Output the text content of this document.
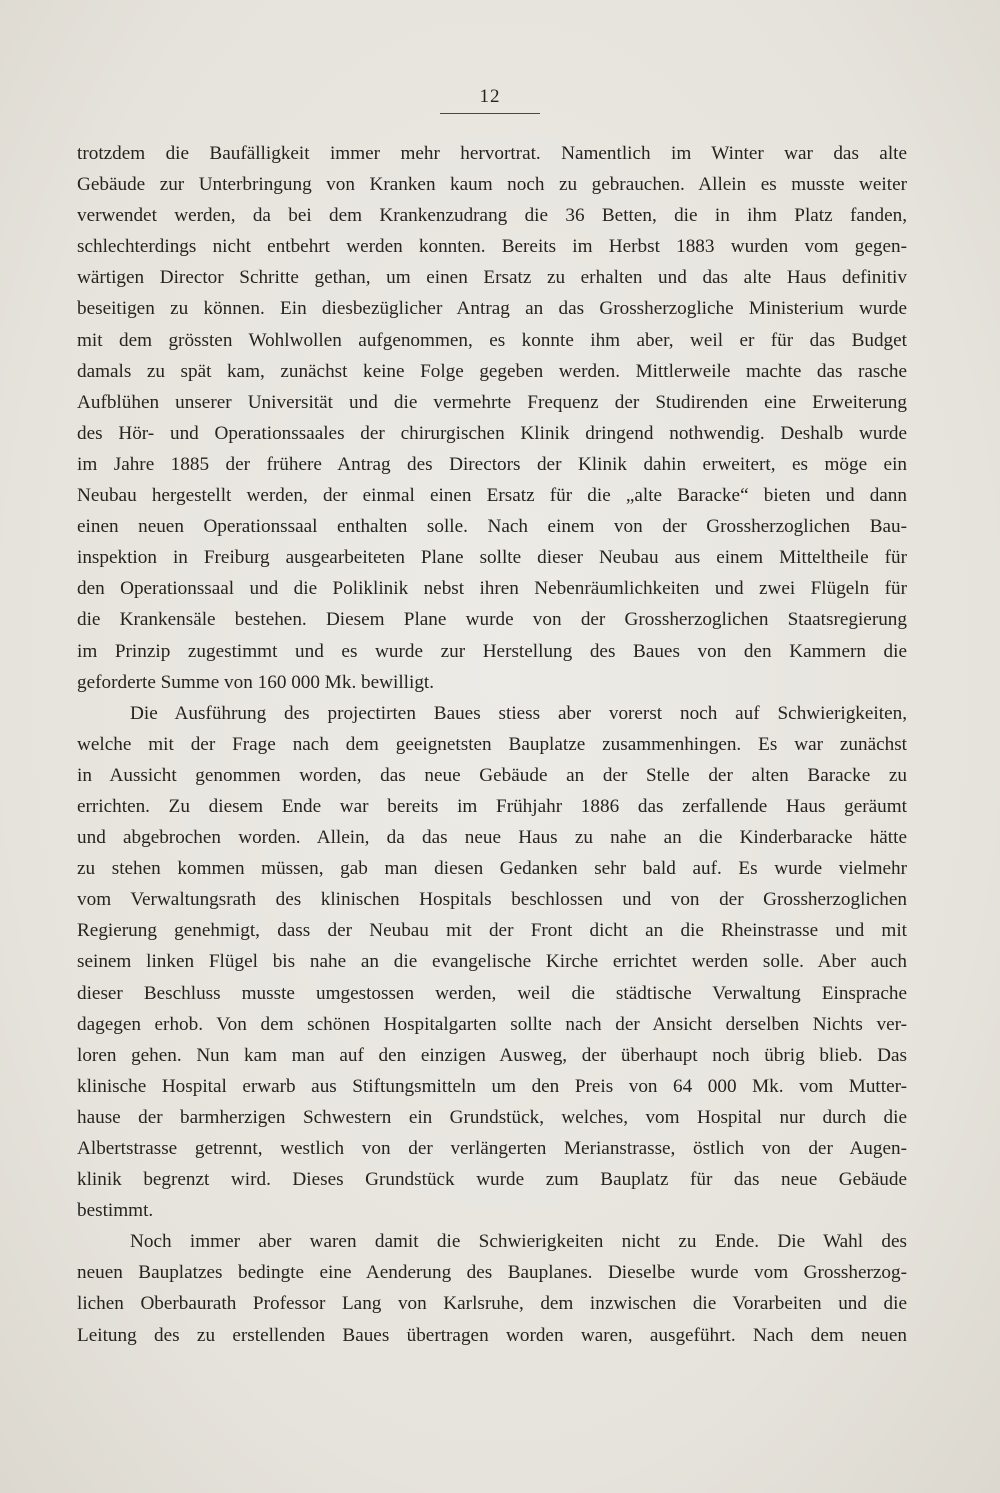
12
trotzdem die Baufälligkeit immer mehr hervortrat. Namentlich im Winter war das alte
Gebäude zur Unterbringung von Kranken kaum noch zu gebrauchen. Allein es musste weiter
verwendet werden, da bei dem Krankenzudrang die 36 Betten, die in ihm Platz fanden,
schlechterdings nicht entbehrt werden konnten. Bereits im Herbst 1883 wurden vom gegen-
wärtigen Director Schritte gethan, um einen Ersatz zu erhalten und das alte Haus definitiv
beseitigen zu können. Ein diesbezüglicher Antrag an das Grossherzogliche Ministerium wurde
mit dem grössten Wohlwollen aufgenommen, es konnte ihm aber, weil er für das Budget
damals zu spät kam, zunächst keine Folge gegeben werden. Mittlerweile machte das rasche
Aufblühen unserer Universität und die vermehrte Frequenz der Studirenden eine Erweiterung
des Hör- und Operationssaales der chirurgischen Klinik dringend nothwendig. Deshalb wurde
im Jahre 1885 der frühere Antrag des Directors der Klinik dahin erweitert, es möge ein
Neubau hergestellt werden, der einmal einen Ersatz für die „alte Baracke“ bieten und dann
einen neuen Operationssaal enthalten solle. Nach einem von der Grossherzoglichen Bau-
inspektion in Freiburg ausgearbeiteten Plane sollte dieser Neubau aus einem Mitteltheile für
den Operationssaal und die Poliklinik nebst ihren Nebenräumlichkeiten und zwei Flügeln für
die Krankensäle bestehen. Diesem Plane wurde von der Grossherzoglichen Staatsregierung
im Prinzip zugestimmt und es wurde zur Herstellung des Baues von den Kammern die
geforderte Summe von 160 000 Mk. bewilligt.
Die Ausführung des projectirten Baues stiess aber vorerst noch auf Schwierigkeiten,
welche mit der Frage nach dem geeignetsten Bauplatze zusammenhingen. Es war zunächst
in Aussicht genommen worden, das neue Gebäude an der Stelle der alten Baracke zu
errichten. Zu diesem Ende war bereits im Frühjahr 1886 das zerfallende Haus geräumt
und abgebrochen worden. Allein, da das neue Haus zu nahe an die Kinderbaracke hätte
zu stehen kommen müssen, gab man diesen Gedanken sehr bald auf. Es wurde vielmehr
vom Verwaltungsrath des klinischen Hospitals beschlossen und von der Grossherzoglichen
Regierung genehmigt, dass der Neubau mit der Front dicht an die Rheinstrasse und mit
seinem linken Flügel bis nahe an die evangelische Kirche errichtet werden solle. Aber auch
dieser Beschluss musste umgestossen werden, weil die städtische Verwaltung Einsprache
dagegen erhob. Von dem schönen Hospitalgarten sollte nach der Ansicht derselben Nichts ver-
loren gehen. Nun kam man auf den einzigen Ausweg, der überhaupt noch übrig blieb. Das
klinische Hospital erwarb aus Stiftungsmitteln um den Preis von 64 000 Mk. vom Mutter-
hause der barmherzigen Schwestern ein Grundstück, welches, vom Hospital nur durch die
Albertstrasse getrennt, westlich von der verlängerten Merianstrasse, östlich von der Augen-
klinik begrenzt wird. Dieses Grundstück wurde zum Bauplatz für das neue Gebäude
bestimmt.
Noch immer aber waren damit die Schwierigkeiten nicht zu Ende. Die Wahl des
neuen Bauplatzes bedingte eine Aenderung des Bauplanes. Dieselbe wurde vom Grossherzog-
lichen Oberbaurath Professor Lang von Karlsruhe, dem inzwischen die Vorarbeiten und die
Leitung des zu erstellenden Baues übertragen worden waren, ausgeführt. Nach dem neuen
